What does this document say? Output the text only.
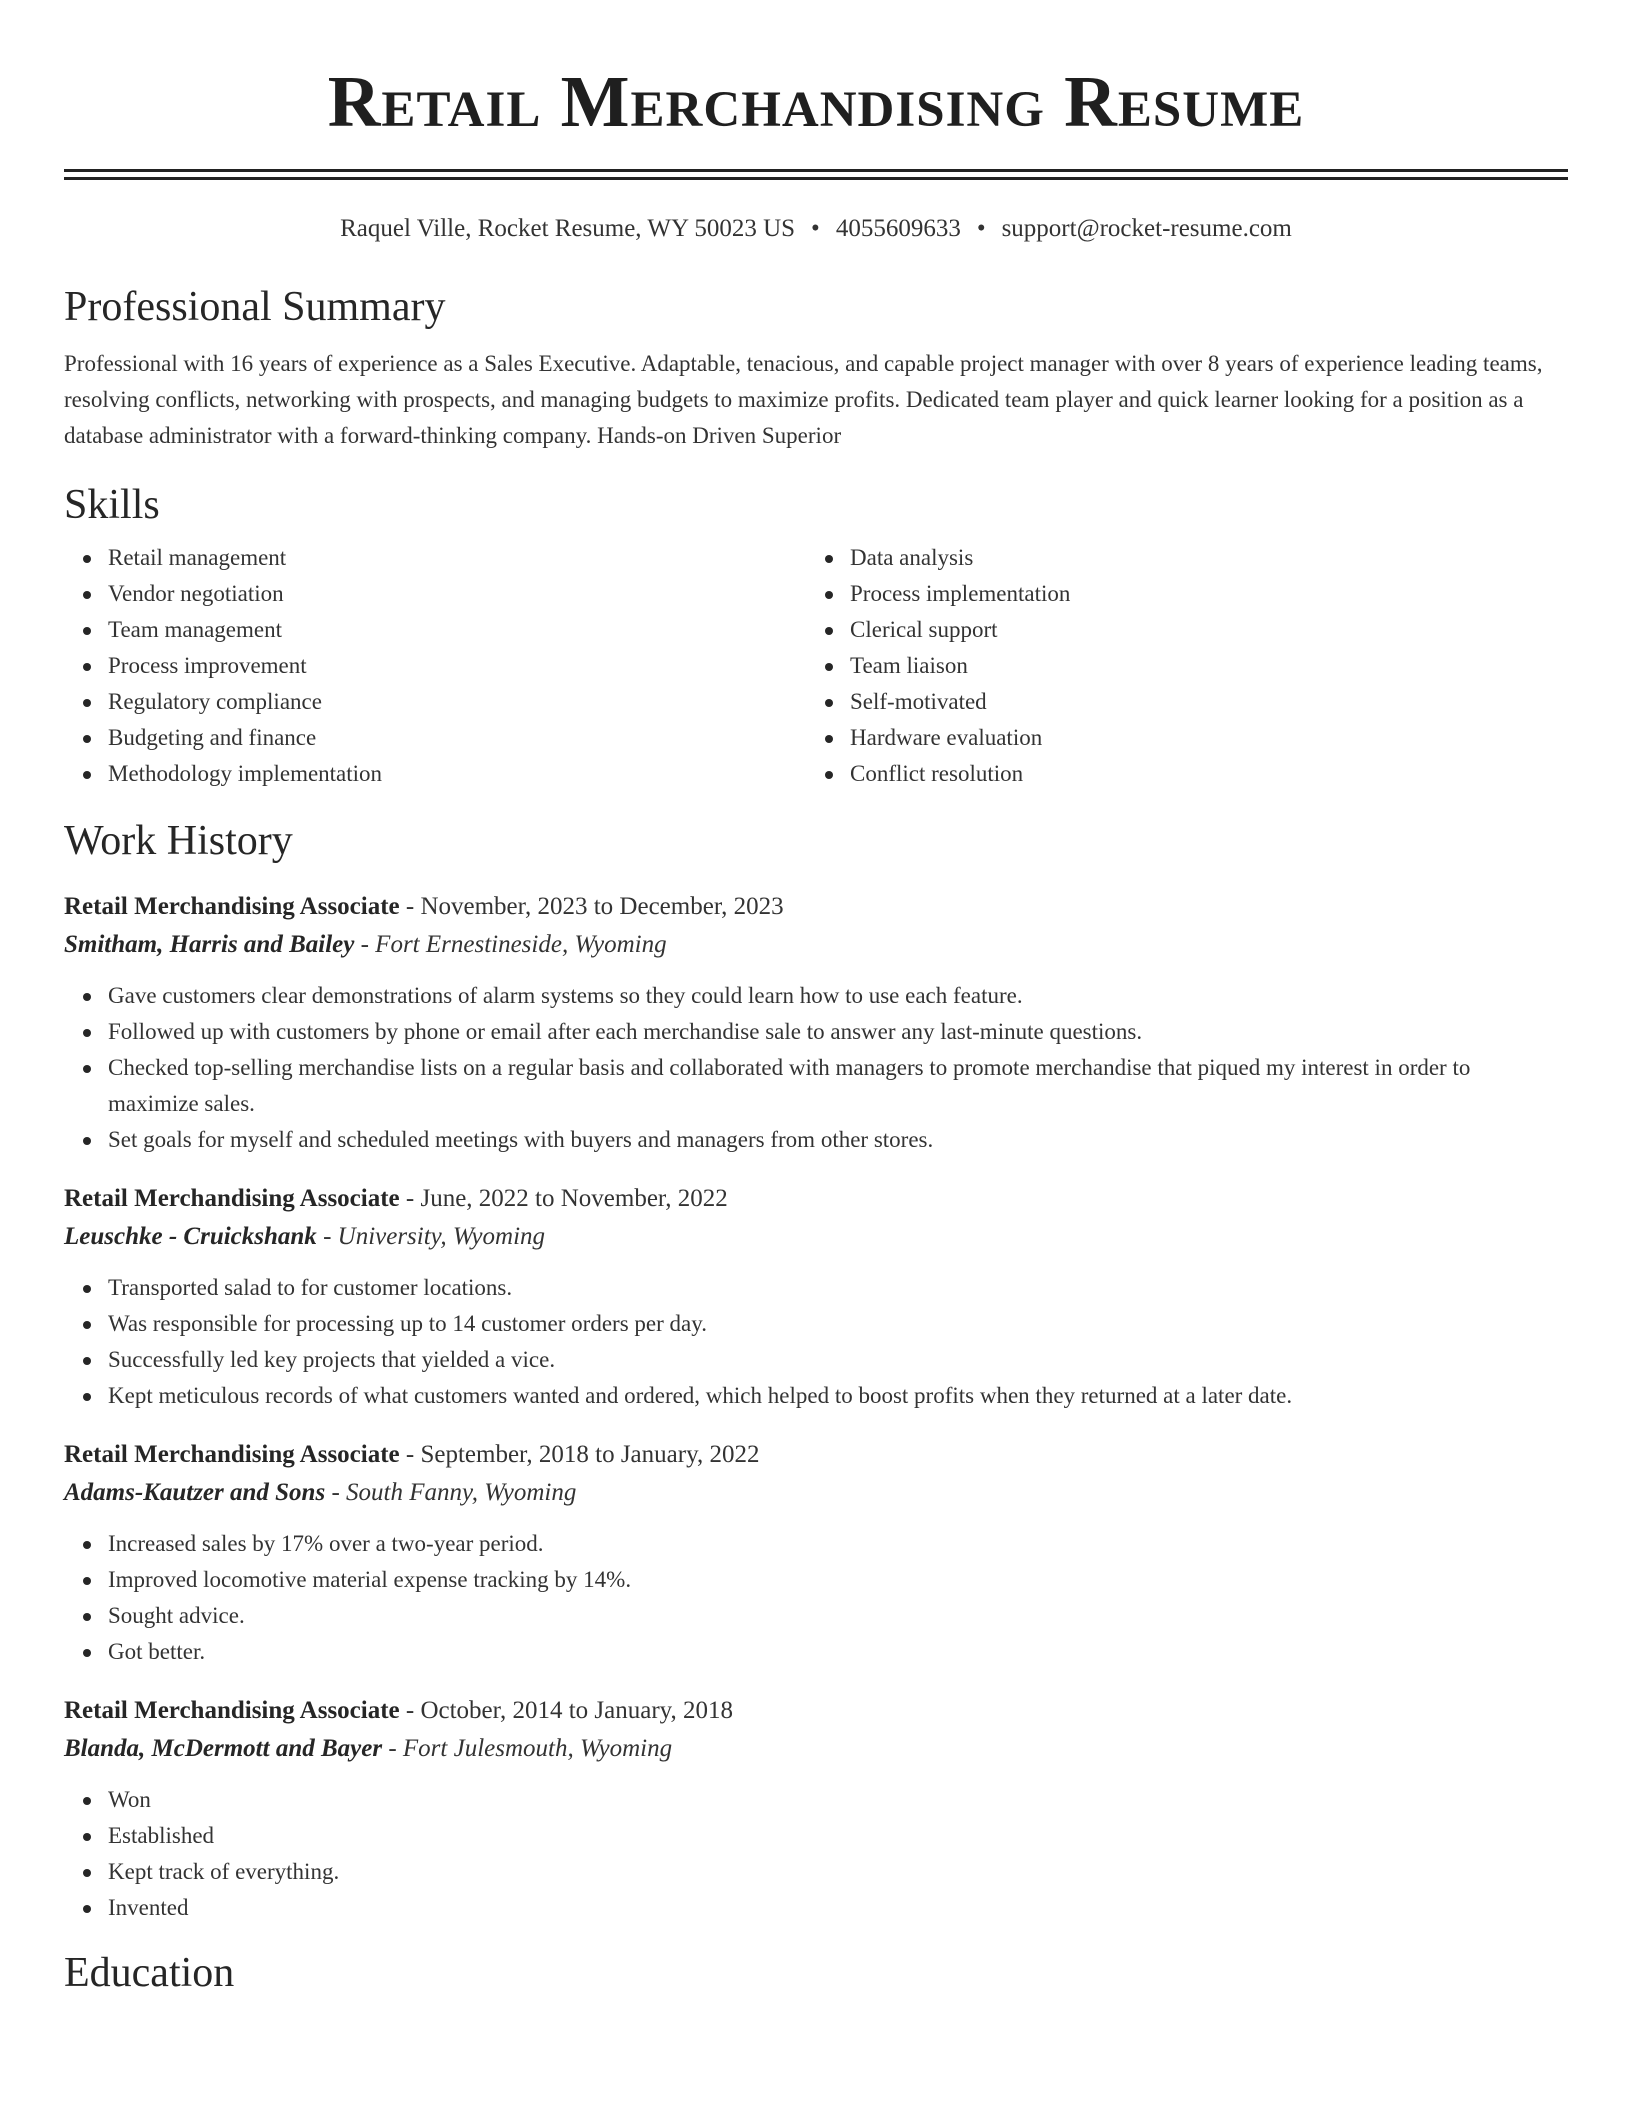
Retail Merchandising Resume
Raquel Ville, Rocket Resume, WY 50023 US • 4055609633 • support@rocket-resume.com
Professional Summary

Professional with 16 years of experience as a Sales Executive. Adaptable, tenacious, and capable project manager with over 8 years of experience leading teams, resolving conflicts, networking with prospects, and managing budgets to maximize profits. Dedicated team player and quick learner looking for a position as a database administrator with a forward-thinking company. Hands-on Driven Superior

Skills
Retail management
Vendor negotiation
Team management
Process improvement
Regulatory compliance
Budgeting and finance
Methodology implementation
Data analysis
Process implementation
Clerical support
Team liaison
Self-motivated
Hardware evaluation
Conflict resolution
Work History
Retail Merchandising Associate - November, 2023 to December, 2023
Smitham, Harris and Bailey - Fort Ernestineside, Wyoming
Gave customers clear demonstrations of alarm systems so they could learn how to use each feature.
Followed up with customers by phone or email after each merchandise sale to answer any last-minute questions.
Checked top-selling merchandise lists on a regular basis and collaborated with managers to promote merchandise that piqued my interest in order to maximize sales.
Set goals for myself and scheduled meetings with buyers and managers from other stores.
Retail Merchandising Associate - June, 2022 to November, 2022
Leuschke - Cruickshank - University, Wyoming
Transported salad to for customer locations.
Was responsible for processing up to 14 customer orders per day.
Successfully led key projects that yielded a vice.
Kept meticulous records of what customers wanted and ordered, which helped to boost profits when they returned at a later date.
Retail Merchandising Associate - September, 2018 to January, 2022
Adams-Kautzer and Sons - South Fanny, Wyoming
Increased sales by 17% over a two-year period.
Improved locomotive material expense tracking by 14%.
Sought advice.
Got better.
Retail Merchandising Associate - October, 2014 to January, 2018
Blanda, McDermott and Bayer - Fort Julesmouth, Wyoming
Won
Established
Kept track of everything.
Invented
Education
